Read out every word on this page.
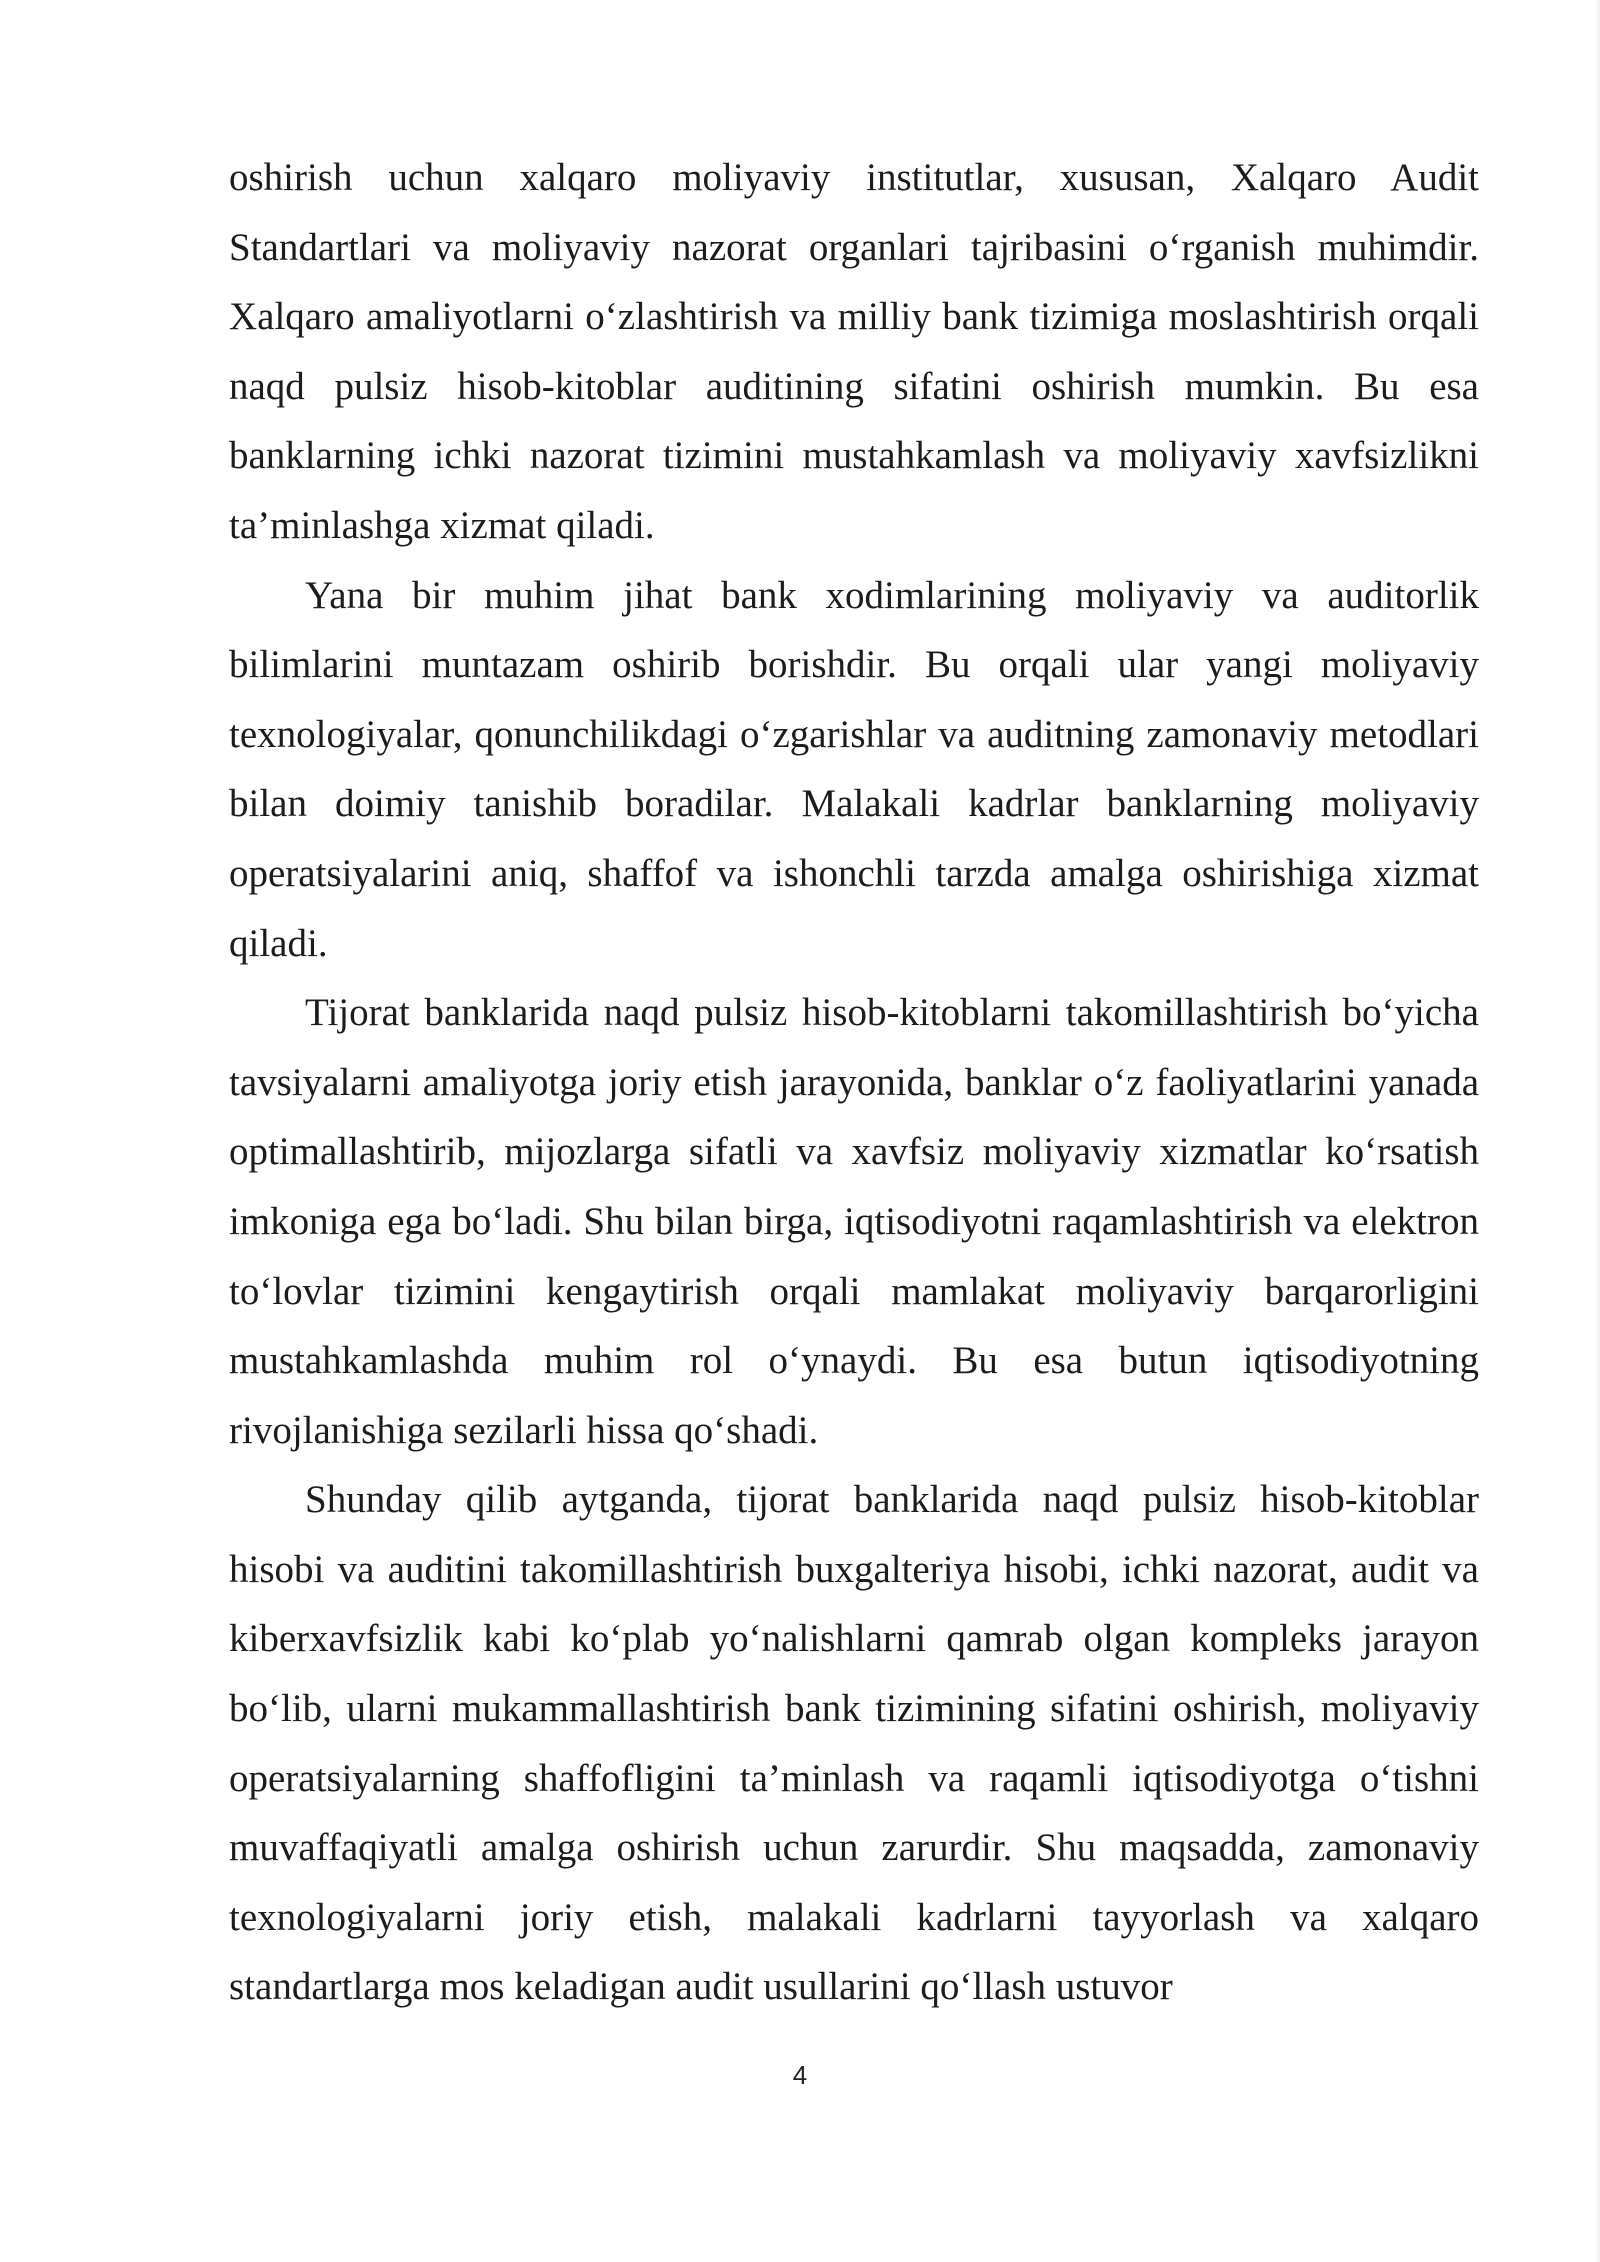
oshirish uchun xalqaro moliyaviy institutlar, xususan, Xalqaro Audit Standartlari va moliyaviy nazorat organlari tajribasini o‘rganish muhimdir. Xalqaro amaliyotlarni o‘zlashtirish va milliy bank tizimiga moslashtirish orqali naqd pulsiz hisob-kitoblar auditining sifatini oshirish mumkin. Bu esa banklarning ichki nazorat tizimini mustahkamlash va moliyaviy xavfsizlikni ta’minlashga xizmat qiladi.

Yana bir muhim jihat bank xodimlarining moliyaviy va auditorlik bilimlarini muntazam oshirib borishdir. Bu orqali ular yangi moliyaviy texnologiyalar, qonunchilikdagi o‘zgarishlar va auditning zamonaviy metodlari bilan doimiy tanishib boradilar. Malakali kadrlar banklarning moliyaviy operatsiyalarini aniq, shaffof va ishonchli tarzda amalga oshirishiga xizmat qiladi.

Tijorat banklarida naqd pulsiz hisob-kitoblarni takomillashtirish bo‘yicha tavsiyalarni amaliyotga joriy etish jarayonida, banklar o‘z faoliyatlarini yanada optimallashtirib, mijozlarga sifatli va xavfsiz moliyaviy xizmatlar ko‘rsatish imkoniga ega bo‘ladi. Shu bilan birga, iqtisodiyotni raqamlashtirish va elektron to‘lovlar tizimini kengaytirish orqali mamlakat moliyaviy barqarorligini mustahkamlashda muhim rol o‘ynaydi. Bu esa butun iqtisodiyotning rivojlanishiga sezilarli hissa qo‘shadi.

Shunday qilib aytganda, tijorat banklarida naqd pulsiz hisob-kitoblar hisobi va auditini takomillashtirish buxgalteriya hisobi, ichki nazorat, audit va kiberxavfsizlik kabi ko‘plab yo‘nalishlarni qamrab olgan kompleks jarayon bo‘lib, ularni mukammallashtirish bank tizimining sifatini oshirish, moliyaviy operatsiyalarning shaffofligini ta’minlash va raqamli iqtisodiyotga o‘tishni muvaffaqiyatli amalga oshirish uchun zarurdir. Shu maqsadda, zamonaviy texnologiyalarni joriy etish, malakali kadrlarni tayyorlash va xalqaro standartlarga mos keladigan audit usullarini qo‘llash ustuvor

4
